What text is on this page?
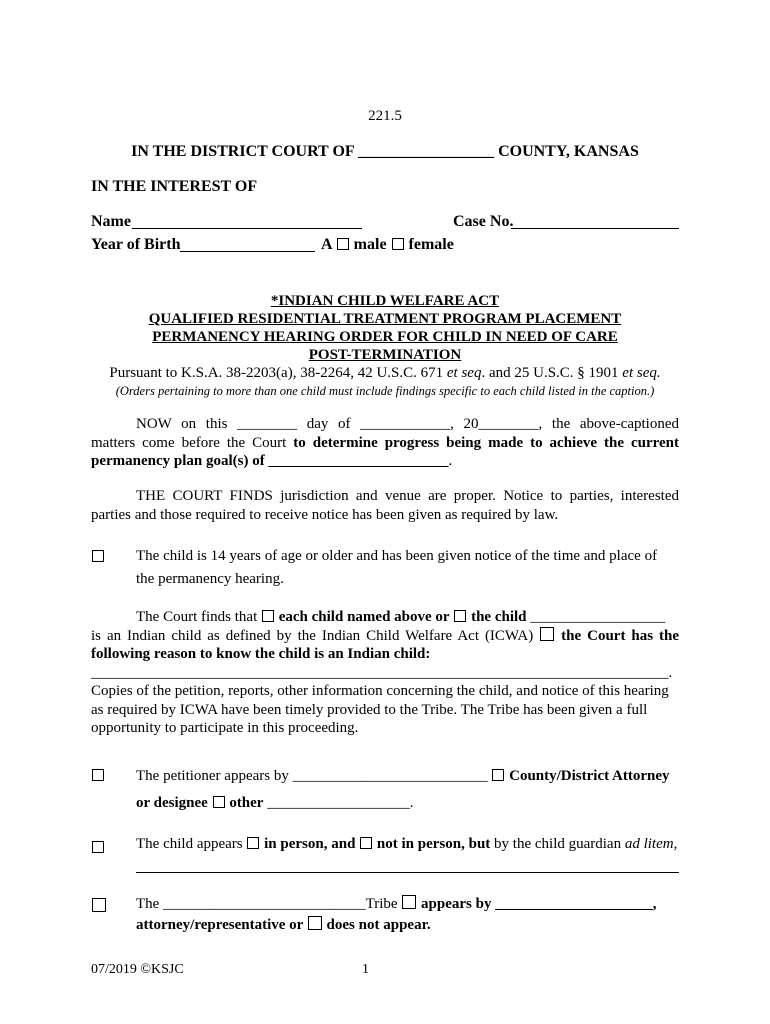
221.5
IN THE DISTRICT COURT OF _________________ COUNTY, KANSAS
IN THE INTEREST OF
Name	Case No.
Year of Birth	A male female
*INDIAN CHILD WELFARE ACT
QUALIFIED RESIDENTIAL TREATMENT PROGRAM PLACEMENT
PERMANENCY HEARING ORDER FOR CHILD IN NEED OF CARE
POST-TERMINATION
Pursuant to K.S.A. 38-2203(a), 38-2264, 42 U.S.C. 671 et seq. and 25 U.S.C. § 1901 et seq.
(Orders pertaining to more than one child must include findings specific to each child listed in the caption.)
NOW on this ________ day of ____________, 20________, the above-captioned
matters come before the Court to determine progress being made to achieve the current
permanency plan goal(s) of ________________________.
THE COURT FINDS jurisdiction and venue are proper. Notice to parties, interested
parties and those required to receive notice has been given as required by law.
The child is 14 years of age or older and has been given notice of the time and place of
the permanency hearing.
The Court finds that each child named above or the child __________________
is an Indian child as defined by the Indian Child Welfare Act (ICWA) the Court has the
following reason to know the child is an Indian child:
_____________________________________________________________________________.
Copies of the petition, reports, other information concerning the child, and notice of this hearing
as required by ICWA have been timely provided to the Tribe. The Tribe has been given a full
opportunity to participate in this proceeding.
The petitioner appears by __________________________ County/District Attorney
or designee other ___________________.
The child appears in person, and not in person, but by the child guardian ad litem,
The ___________________________Tribe appears by _____________________,
attorney/representative or does not appear.
07/2019 ©KSJC	1
